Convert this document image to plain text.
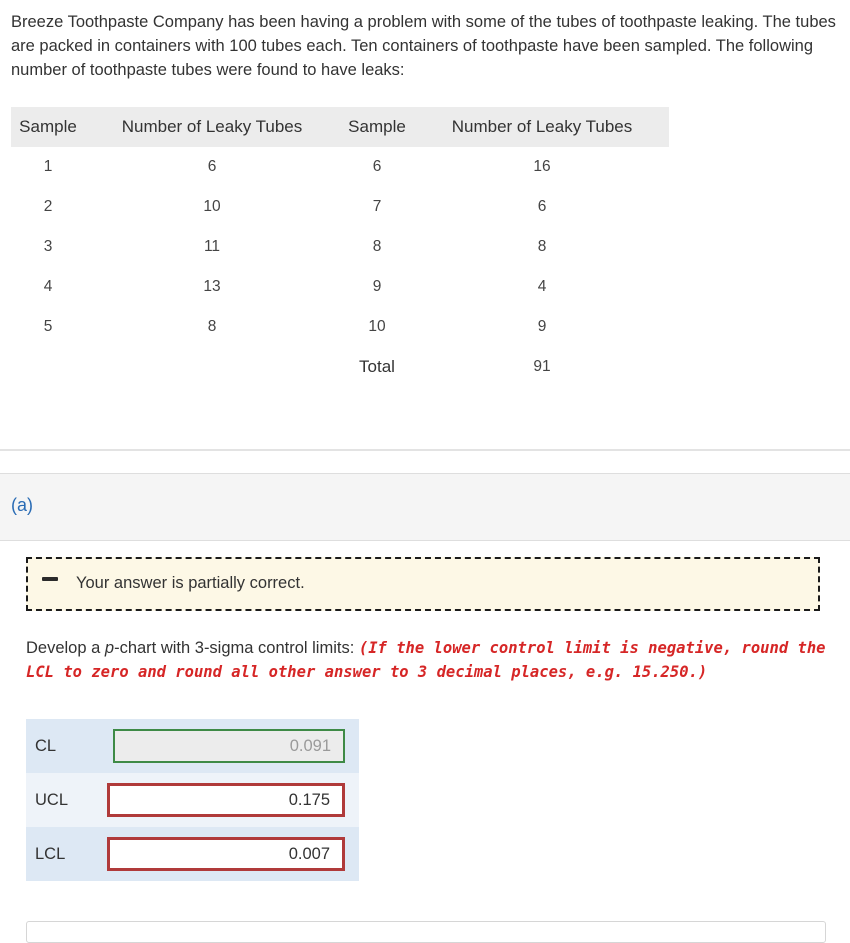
Breeze Toothpaste Company has been having a problem with some of the tubes of toothpaste leaking. The tubes are packed in containers with 100 tubes each. Ten containers of toothpaste have been sampled. The following number of toothpaste tubes were found to have leaks:
Sample	Number of Leaky Tubes	Sample	Number of Leaky Tubes
1	6	6	16
2	10	7	6
3	11	8	8
4	13	9	4
5	8	10	9
		Total	91
(a)
Your answer is partially correct.
Develop a p-chart with 3-sigma control limits: (If the lower control limit is negative, round the LCL to zero and round all other answer to 3 decimal places, e.g. 15.250.)
CL
0.091
UCL
0.175
LCL
0.007
